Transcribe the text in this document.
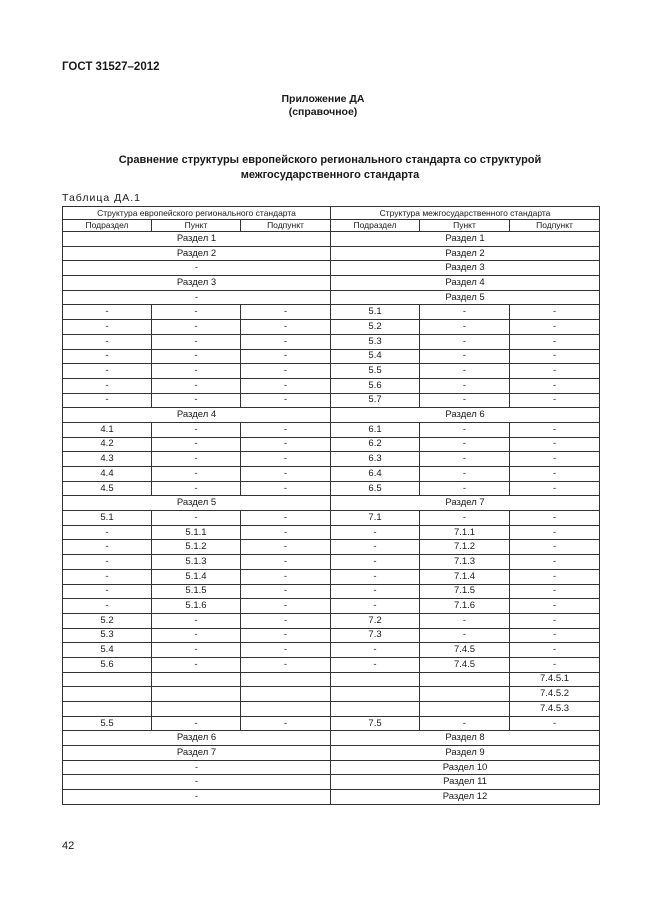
ГОСТ 31527–2012
Приложение ДА
(справочное)
Сравнение структуры европейского регионального стандарта со структурой
межгосударственного стандарта
Таблица ДА.1
Структура европейского регионального стандарта			Структура межгосударственного стандарта		
Подраздел	Пункт	Подпункт	Подраздел	Пункт	Подпункт
Раздел 1			Раздел 1		
Раздел 2			Раздел 2		
-			Раздел 3		
Раздел 3			Раздел 4		
-			Раздел 5		
-	-	-	5.1	-	-
-	-	-	5.2	-	-
-	-	-	5.3	-	-
-	-	-	5.4	-	-
-	-	-	5.5	-	-
-	-	-	5.6	-	-
-	-	-	5.7	-	-
Раздел 4			Раздел 6		
4.1	-	-	6.1	-	-
4.2	-	-	6.2	-	-
4.3	-	-	6.3	-	-
4.4	-	-	6.4	-	-
4.5	-	-	6.5	-	-
Раздел 5			Раздел 7		
5.1	-	-	7.1	-	-
-	5.1.1	-	-	7.1.1	-
-	5.1.2	-	-	7.1.2	-
-	5.1.3	-	-	7.1.3	-
-	5.1.4	-	-	7.1.4	-
-	5.1.5	-	-	7.1.5	-
-	5.1.6	-	-	7.1.6	-
5.2	-	-	7.2	-	-
5.3	-	-	7.3	-	-
5.4	-	-	-	7.4.5	-
5.6	-	-	-	7.4.5	-
					7.4.5.1
					7.4.5.2
					7.4.5.3
5.5	-	-	7.5	-	-
Раздел 6			Раздел 8		
Раздел 7			Раздел 9		
-			Раздел 10		
-			Раздел 11		
-			Раздел 12		
42
